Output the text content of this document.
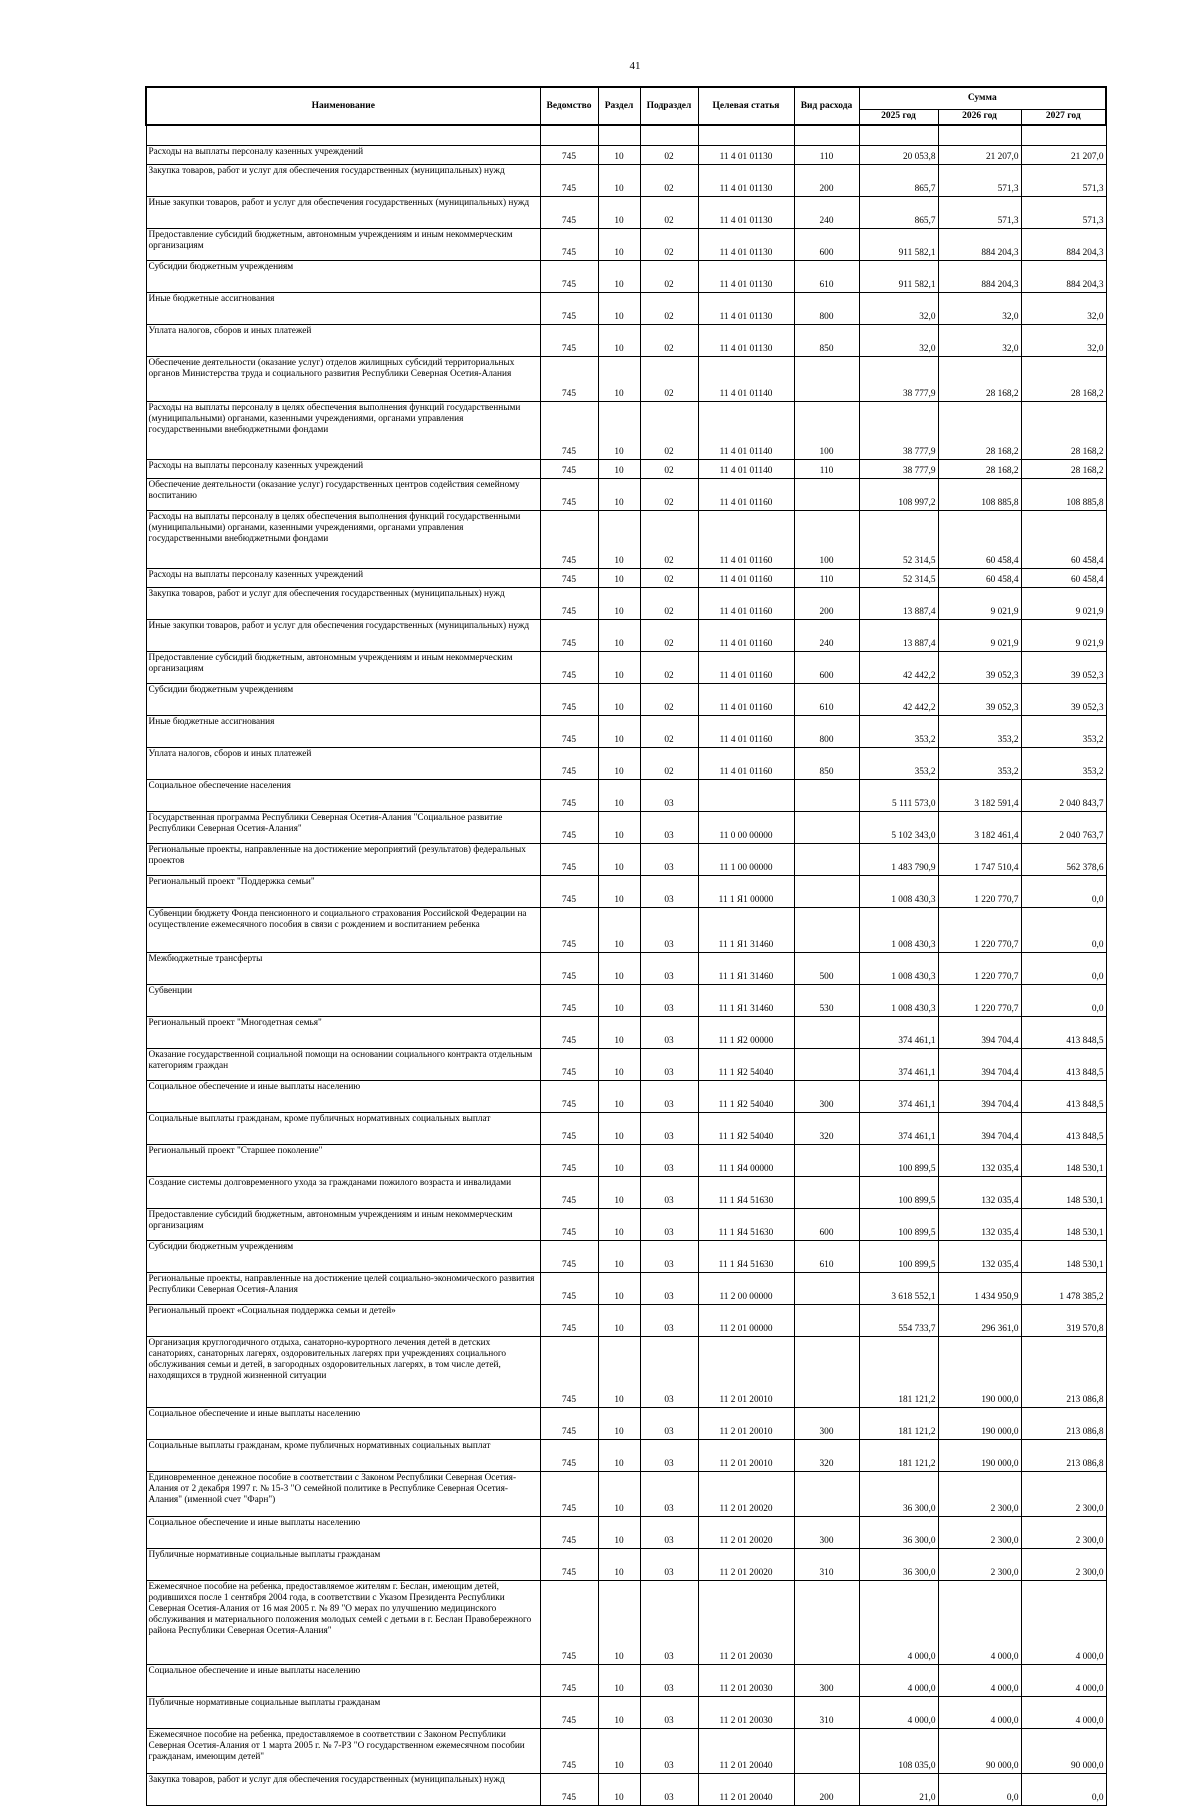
41
Наименование	Ведомство	Раздел	Подраздел	Целевая статья	Вид расхода	Сумма		
						2025 год	2026 год	2027 год

Расходы на выплаты персоналу казенных учреждений	745	10	02	11 4 01 01130	110	20 053,8	21 207,0	21 207,0
Закупка товаров, работ и услуг для обеспечения государственных (муниципальных) нужд	745	10	02	11 4 01 01130	200	865,7	571,3	571,3
Иные закупки товаров, работ и услуг для обеспечения государственных (муниципальных) нужд	745	10	02	11 4 01 01130	240	865,7	571,3	571,3
Предоставление субсидий бюджетным, автономным учреждениям и иным некоммерческим организациям	745	10	02	11 4 01 01130	600	911 582,1	884 204,3	884 204,3
Субсидии бюджетным учреждениям	745	10	02	11 4 01 01130	610	911 582,1	884 204,3	884 204,3
Иные бюджетные ассигнования	745	10	02	11 4 01 01130	800	32,0	32,0	32,0
Уплата налогов, сборов и иных платежей	745	10	02	11 4 01 01130	850	32,0	32,0	32,0
Обеспечение деятельности (оказание услуг) отделов жилищных субсидий территориальных органов Министерства труда и социального развития Республики Северная Осетия-Алания	745	10	02	11 4 01 01140		38 777,9	28 168,2	28 168,2
Расходы на выплаты персоналу в целях обеспечения выполнения функций государственными (муниципальными) органами, казенными учреждениями, органами управления государственными внебюджетными фондами	745	10	02	11 4 01 01140	100	38 777,9	28 168,2	28 168,2
Расходы на выплаты персоналу казенных учреждений	745	10	02	11 4 01 01140	110	38 777,9	28 168,2	28 168,2
Обеспечение деятельности (оказание услуг) государственных центров содействия семейному воспитанию	745	10	02	11 4 01 01160		108 997,2	108 885,8	108 885,8
Расходы на выплаты персоналу в целях обеспечения выполнения функций государственными (муниципальными) органами, казенными учреждениями, органами управления государственными внебюджетными фондами	745	10	02	11 4 01 01160	100	52 314,5	60 458,4	60 458,4
Расходы на выплаты персоналу казенных учреждений	745	10	02	11 4 01 01160	110	52 314,5	60 458,4	60 458,4
Закупка товаров, работ и услуг для обеспечения государственных (муниципальных) нужд	745	10	02	11 4 01 01160	200	13 887,4	9 021,9	9 021,9
Иные закупки товаров, работ и услуг для обеспечения государственных (муниципальных) нужд	745	10	02	11 4 01 01160	240	13 887,4	9 021,9	9 021,9
Предоставление субсидий бюджетным, автономным учреждениям и иным некоммерческим организациям	745	10	02	11 4 01 01160	600	42 442,2	39 052,3	39 052,3
Субсидии бюджетным учреждениям	745	10	02	11 4 01 01160	610	42 442,2	39 052,3	39 052,3
Иные бюджетные ассигнования	745	10	02	11 4 01 01160	800	353,2	353,2	353,2
Уплата налогов, сборов и иных платежей	745	10	02	11 4 01 01160	850	353,2	353,2	353,2
Социальное обеспечение населения	745	10	03			5 111 573,0	3 182 591,4	2 040 843,7
Государственная программа Республики Северная Осетия-Алания "Социальное развитие Республики Северная Осетия-Алания"	745	10	03	11 0 00 00000		5 102 343,0	3 182 461,4	2 040 763,7
Региональные проекты, направленные на достижение мероприятий (результатов) федеральных проектов	745	10	03	11 1 00 00000		1 483 790,9	1 747 510,4	562 378,6
Региональный проект "Поддержка семьи"	745	10	03	11 1 Я1 00000		1 008 430,3	1 220 770,7	0,0
Субвенции бюджету Фонда пенсионного и социального страхования Российской Федерации на осуществление ежемесячного пособия в связи с рождением и воспитанием ребенка	745	10	03	11 1 Я1 31460		1 008 430,3	1 220 770,7	0,0
Межбюджетные трансферты	745	10	03	11 1 Я1 31460	500	1 008 430,3	1 220 770,7	0,0
Субвенции	745	10	03	11 1 Я1 31460	530	1 008 430,3	1 220 770,7	0,0
Региональный проект "Многодетная семья"	745	10	03	11 1 Я2 00000		374 461,1	394 704,4	413 848,5
Оказание государственной социальной помощи на основании социального контракта отдельным категориям граждан	745	10	03	11 1 Я2 54040		374 461,1	394 704,4	413 848,5
Социальное обеспечение и иные выплаты населению	745	10	03	11 1 Я2 54040	300	374 461,1	394 704,4	413 848,5
Социальные выплаты гражданам, кроме публичных нормативных социальных выплат	745	10	03	11 1 Я2 54040	320	374 461,1	394 704,4	413 848,5
Региональный проект "Старшее поколение"	745	10	03	11 1 Я4 00000		100 899,5	132 035,4	148 530,1
Создание системы долговременного ухода за гражданами пожилого возраста и инвалидами	745	10	03	11 1 Я4 51630		100 899,5	132 035,4	148 530,1
Предоставление субсидий бюджетным, автономным учреждениям и иным некоммерческим организациям	745	10	03	11 1 Я4 51630	600	100 899,5	132 035,4	148 530,1
Субсидии бюджетным учреждениям	745	10	03	11 1 Я4 51630	610	100 899,5	132 035,4	148 530,1
Региональные проекты, направленные на достижение целей социально-экономического развития Республики Северная Осетия-Алания	745	10	03	11 2 00 00000		3 618 552,1	1 434 950,9	1 478 385,2
Региональный проект «Социальная поддержка семьи и детей»	745	10	03	11 2 01 00000		554 733,7	296 361,0	319 570,8
Организация круглогодичного отдыха, санаторно-курортного лечения детей в детских санаториях, санаторных лагерях, оздоровительных лагерях при учреждениях социального обслуживания семьи и детей, в загородных оздоровительных лагерях, в том числе детей, находящихся в трудной жизненной ситуации	745	10	03	11 2 01 20010		181 121,2	190 000,0	213 086,8
Социальное обеспечение и иные выплаты населению	745	10	03	11 2 01 20010	300	181 121,2	190 000,0	213 086,8
Социальные выплаты гражданам, кроме публичных нормативных социальных выплат	745	10	03	11 2 01 20010	320	181 121,2	190 000,0	213 086,8
Единовременное денежное пособие в соответствии с Законом Республики Северная Осетия-Алания от 2 декабря 1997 г. № 15-3 "О семейной политике в Республике Северная Осетия-Алания" (именной счет "Фарн")	745	10	03	11 2 01 20020		36 300,0	2 300,0	2 300,0
Социальное обеспечение и иные выплаты населению	745	10	03	11 2 01 20020	300	36 300,0	2 300,0	2 300,0
Публичные нормативные социальные выплаты гражданам	745	10	03	11 2 01 20020	310	36 300,0	2 300,0	2 300,0
Ежемесячное пособие на ребенка, предоставляемое жителям г. Беслан, имеющим детей, родившихся после 1 сентября 2004 года, в соответствии с Указом Президента Республики Северная Осетия-Алания от 16 мая 2005 г. № 89 "О мерах по улучшению медицинского обслуживания и материального положения молодых семей с детьми в г. Беслан Правобережного района Республики Северная Осетия-Алания"	745	10	03	11 2 01 20030		4 000,0	4 000,0	4 000,0
Социальное обеспечение и иные выплаты населению	745	10	03	11 2 01 20030	300	4 000,0	4 000,0	4 000,0
Публичные нормативные социальные выплаты гражданам	745	10	03	11 2 01 20030	310	4 000,0	4 000,0	4 000,0
Ежемесячное пособие на ребенка, предоставляемое в соответствии с Законом Республики Северная Осетия-Алания от 1 марта 2005 г. № 7-РЗ "О государственном ежемесячном пособии гражданам, имеющим детей"	745	10	03	11 2 01 20040		108 035,0	90 000,0	90 000,0
Закупка товаров, работ и услуг для обеспечения государственных (муниципальных) нужд	745	10	03	11 2 01 20040	200	21,0	0,0	0,0
